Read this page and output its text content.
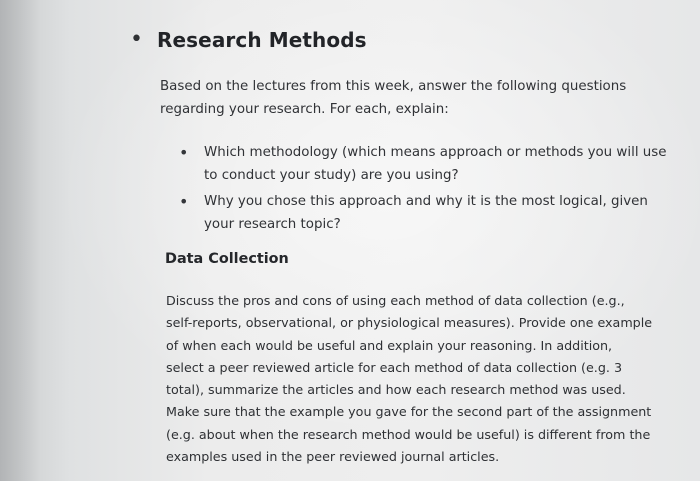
• Research Methods
Based on the lectures from this week, answer the following questions
regarding your research. For each, explain:
• Which methodology (which means approach or methods you will use
to conduct your study) are you using?
• Why you chose this approach and why it is the most logical, given
your research topic?
Data Collection
Discuss the pros and cons of using each method of data collection (e.g.,
self-reports, observational, or physiological measures). Provide one example
of when each would be useful and explain your reasoning. In addition,
select a peer reviewed article for each method of data collection (e.g. 3
total), summarize the articles and how each research method was used.
Make sure that the example you gave for the second part of the assignment
(e.g. about when the research method would be useful) is different from the
examples used in the peer reviewed journal articles.
